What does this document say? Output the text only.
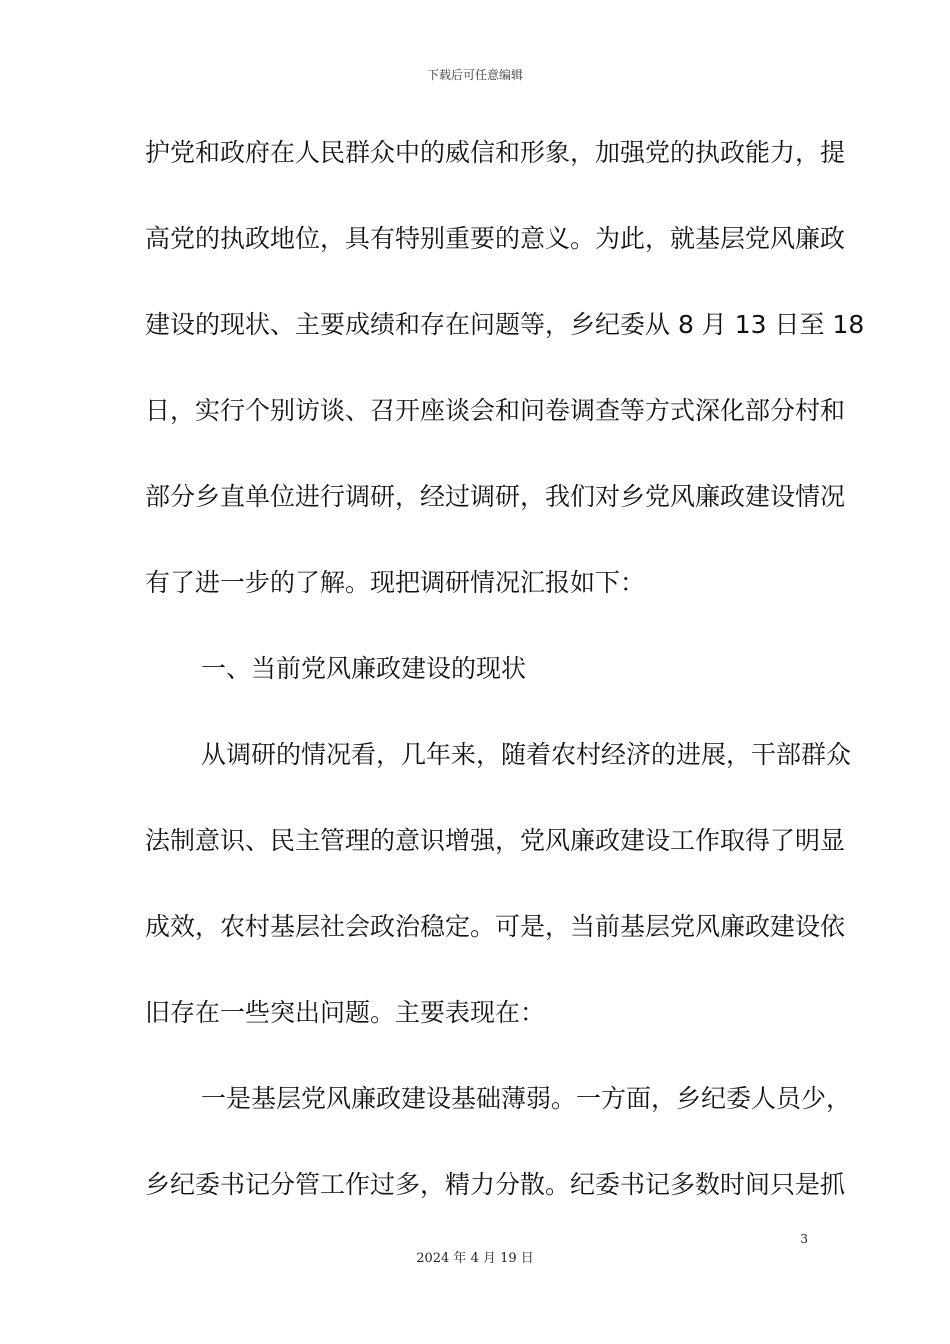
下载后可任意编辑
护党和政府在人民群众中的威信和形象，加强党的执政能力，提
高党的执政地位，具有特别重要的意义。为此，就基层党风廉政
建设的现状、主要成绩和存在问题等，乡纪委从 8 月 13 日至 18
日，实行个别访谈、召开座谈会和问卷调查等方式深化部分村和
部分乡直单位进行调研，经过调研，我们对乡党风廉政建设情况
有了进一步的了解。现把调研情况汇报如下：
一、当前党风廉政建设的现状
从调研的情况看，几年来，随着农村经济的进展，干部群众
法制意识、民主管理的意识增强，党风廉政建设工作取得了明显
成效，农村基层社会政治稳定。可是，当前基层党风廉政建设依
旧存在一些突出问题。主要表现在：
一是基层党风廉政建设基础薄弱。一方面，乡纪委人员少，
乡纪委书记分管工作过多，精力分散。纪委书记多数时间只是抓
3
2024 年 4 月 19 日
